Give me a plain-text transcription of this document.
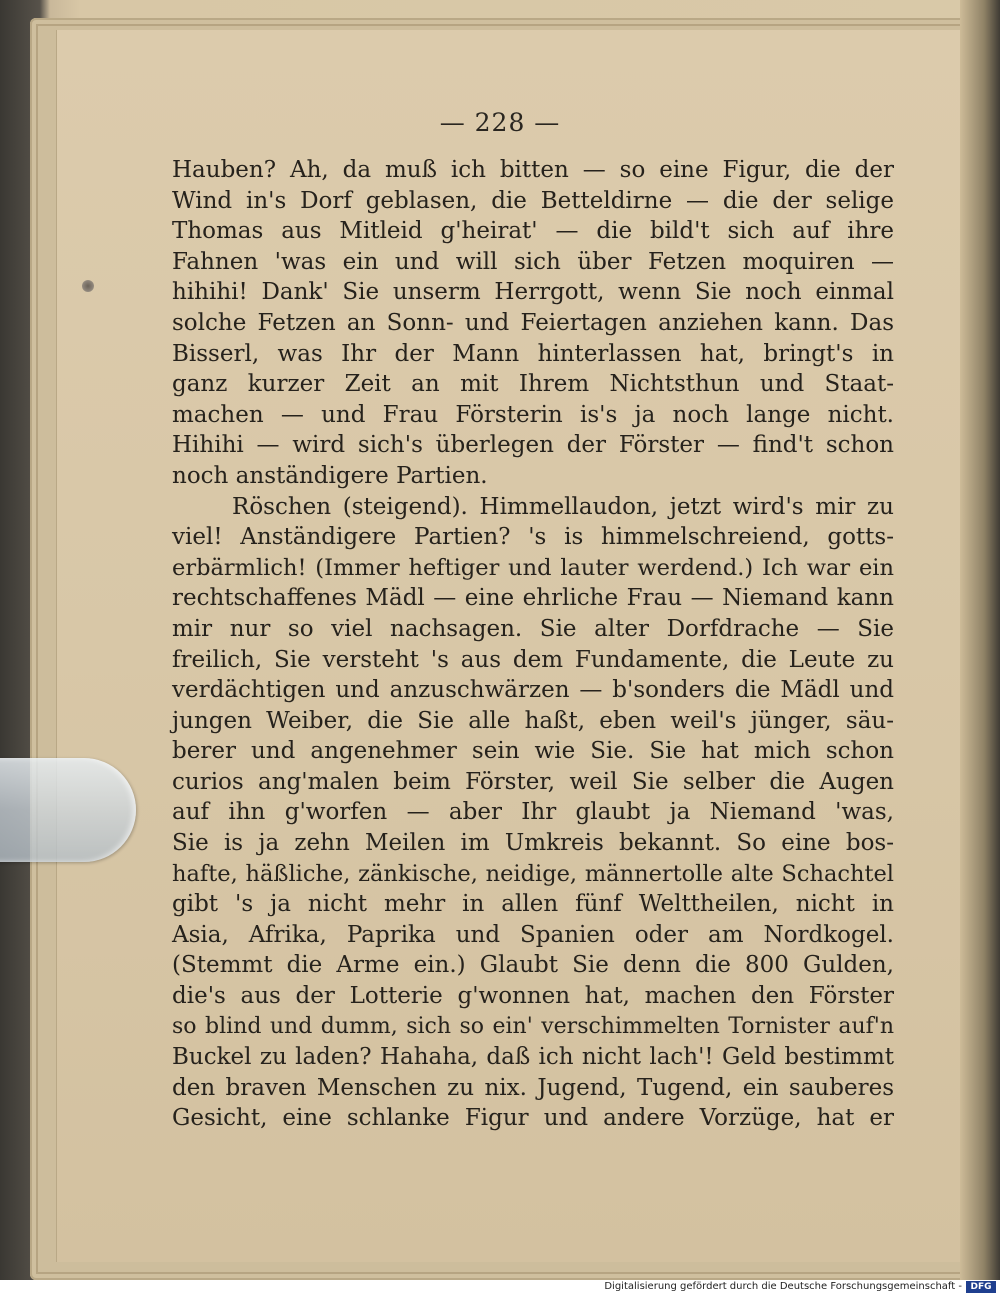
— 228 —
Hauben? Ah, da muß ich bitten — so eine Figur, die der
Wind in's Dorf geblasen, die Betteldirne — die der selige
Thomas aus Mitleid g'heirat' — die bild't sich auf ihre
Fahnen 'was ein und will sich über Fetzen moquiren —
hihihi! Dank' Sie unserm Herrgott, wenn Sie noch einmal
solche Fetzen an Sonn- und Feiertagen anziehen kann. Das
Bisserl, was Ihr der Mann hinterlassen hat, bringt's in
ganz kurzer Zeit an mit Ihrem Nichtsthun und Staat-
machen — und Frau Försterin is's ja noch lange nicht.
Hihihi — wird sich's überlegen der Förster — find't schon
noch anständigere Partien.
Röschen (steigend). Himmellaudon, jetzt wird's mir zu
viel! Anständigere Partien? 's is himmelschreiend, gotts-
erbärmlich! (Immer heftiger und lauter werdend.) Ich war ein
rechtschaffenes Mädl — eine ehrliche Frau — Niemand kann
mir nur so viel nachsagen. Sie alter Dorfdrache — Sie
freilich, Sie versteht 's aus dem Fundamente, die Leute zu
verdächtigen und anzuschwärzen — b'sonders die Mädl und
jungen Weiber, die Sie alle haßt, eben weil's jünger, säu-
berer und angenehmer sein wie Sie. Sie hat mich schon
curios ang'malen beim Förster, weil Sie selber die Augen
auf ihn g'worfen — aber Ihr glaubt ja Niemand 'was,
Sie is ja zehn Meilen im Umkreis bekannt. So eine bos-
hafte, häßliche, zänkische, neidige, männertolle alte Schachtel
gibt 's ja nicht mehr in allen fünf Welttheilen, nicht in
Asia, Afrika, Paprika und Spanien oder am Nordkogel.
(Stemmt die Arme ein.) Glaubt Sie denn die 800 Gulden,
die's aus der Lotterie g'wonnen hat, machen den Förster
so blind und dumm, sich so ein' verschimmelten Tornister auf'n
Buckel zu laden? Hahaha, daß ich nicht lach'! Geld bestimmt
den braven Menschen zu nix. Jugend, Tugend, ein sauberes
Gesicht, eine schlanke Figur und andere Vorzüge, hat er
Digitalisierung gefördert durch die Deutsche Forschungsgemeinschaft - DFG
